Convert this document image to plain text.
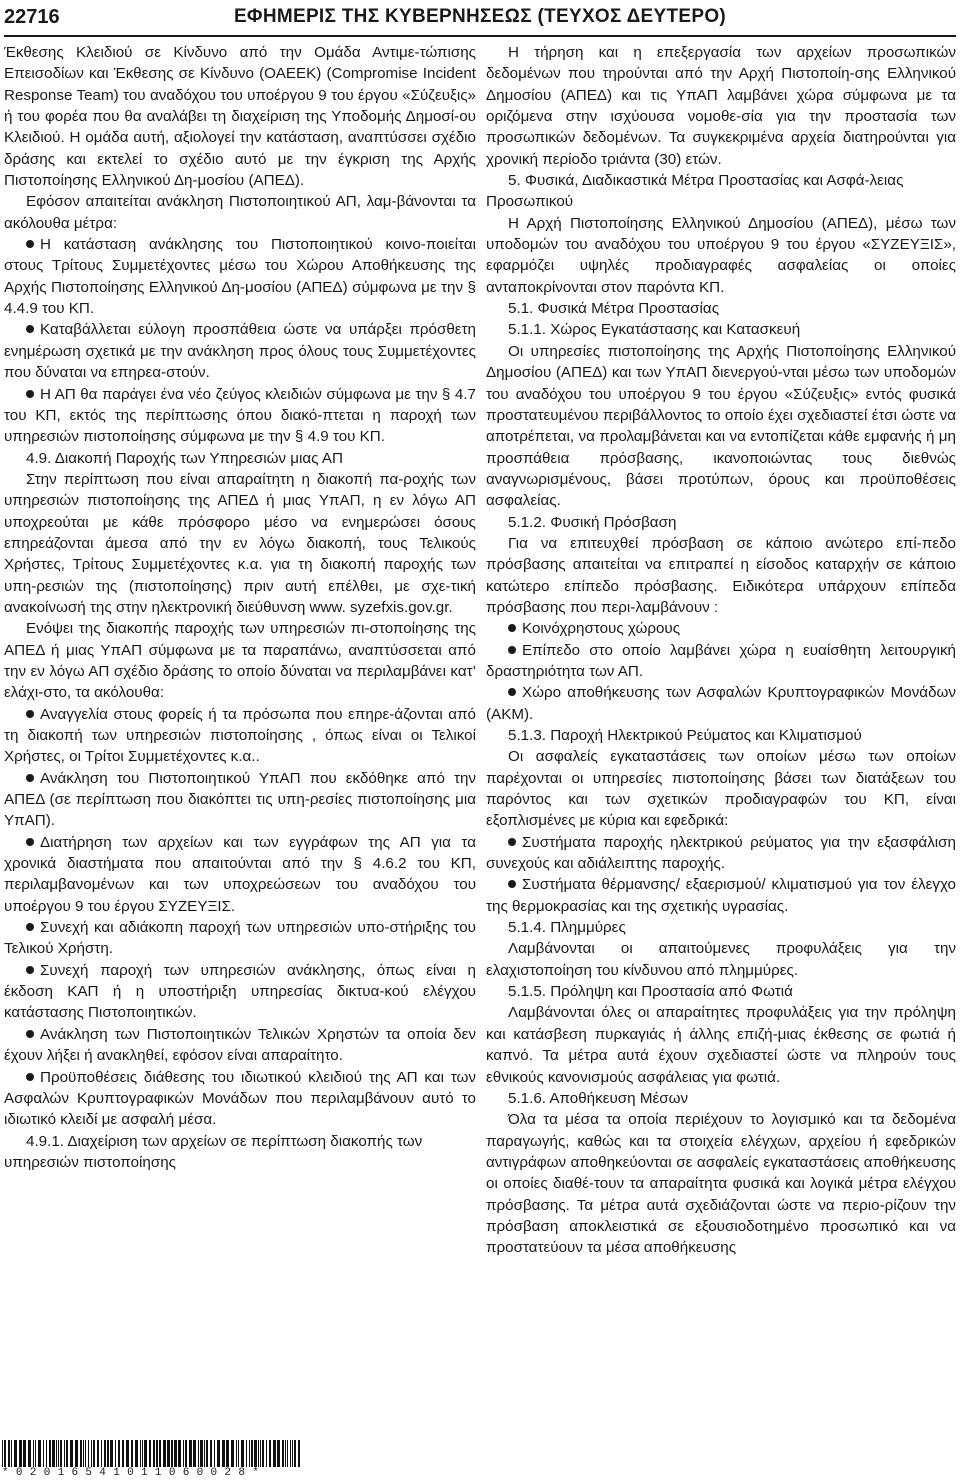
22716	ΕΦΗΜΕΡΙΣ ΤΗΣ ΚΥΒΕΡΝΗΣΕΩΣ (ΤΕΥΧΟΣ ΔΕΥΤΕΡΟ)

Έκθεσης Κλειδιού σε Κίνδυνο από την Ομάδα Αντιμε-τώπισης Επεισοδίων και Έκθεσης σε Κίνδυνο (ΟΑΕΕΚ) (Compromise Incident Response Team) του αναδόχου του υποέργου 9 του έργου «Σύζευξις» ή του φορέα που θα αναλάβει τη διαχείριση της Υποδομής Δημοσί-ου Κλειδιού. Η ομάδα αυτή, αξιολογεί την κατάσταση, αναπτύσσει σχέδιο δράσης και εκτελεί το σχέδιο αυτό με την έγκριση της Αρχής Πιστοποίησης Ελληνικού Δη-μοσίου (ΑΠΕΔ).

Εφόσον απαιτείται ανάκληση Πιστοποιητικού ΑΠ, λαμ-βάνονται τα ακόλουθα μέτρα:

Η κατάσταση ανάκλησης του Πιστοποιητικού κοινο-ποιείται στους Τρίτους Συμμετέχοντες μέσω του Χώρου Αποθήκευσης της Αρχής Πιστοποίησης Ελληνικού Δη-μοσίου (ΑΠΕΔ) σύμφωνα με την § 4.4.9 του ΚΠ.

Καταβάλλεται εύλογη προσπάθεια ώστε να υπάρξει πρόσθετη ενημέρωση σχετικά με την ανάκληση προς όλους τους Συμμετέχοντες που δύναται να επηρεα-στούν.

Η ΑΠ θα παράγει ένα νέο ζεύγος κλειδιών σύμφωνα με την § 4.7 του ΚΠ, εκτός της περίπτωσης όπου διακό-πτεται η παροχή των υπηρεσιών πιστοποίησης σύμφωνα με την § 4.9 του ΚΠ.

4.9. Διακοπή Παροχής των Υπηρεσιών μιας ΑΠ

Στην περίπτωση που είναι απαραίτητη η διακοπή πα-ροχής των υπηρεσιών πιστοποίησης της ΑΠΕΔ ή μιας ΥπΑΠ, η εν λόγω ΑΠ υποχρεούται με κάθε πρόσφορο μέσο να ενημερώσει όσους επηρεάζονται άμεσα από την εν λόγω διακοπή, τους Τελικούς Χρήστες, Τρίτους Συμμετέχοντες κ.α. για τη διακοπή παροχής των υπη-ρεσιών της (πιστοποίησης) πριν αυτή επέλθει, με σχε-τική ανακοίνωσή της στην ηλεκτρονική διεύθυνση www. syzefxis.gov.gr.

Ενόψει της διακοπής παροχής των υπηρεσιών πι-στοποίησης της ΑΠΕΔ ή μιας ΥπΑΠ σύμφωνα με τα παραπάνω, αναπτύσσεται από την εν λόγω ΑΠ σχέδιο δράσης το οποίο δύναται να περιλαμβάνει κατ’ ελάχι-στο, τα ακόλουθα:

Αναγγελία στους φορείς ή τα πρόσωπα που επηρε-άζονται από τη διακοπή των υπηρεσιών πιστοποίησης , όπως είναι οι Τελικοί Χρήστες, οι Τρίτοι Συμμετέχοντες κ.α..

Ανάκληση του Πιστοποιητικού ΥπΑΠ που εκδόθηκε από την ΑΠΕΔ (σε περίπτωση που διακόπτει τις υπη-ρεσίες πιστοποίησης μια ΥπΑΠ).

Διατήρηση των αρχείων και των εγγράφων της ΑΠ για τα χρονικά διαστήματα που απαιτούνται από την § 4.6.2 του ΚΠ, περιλαμβανομένων και των υποχρεώσεων του αναδόχου του υποέργου 9 του έργου ΣΥΖΕΥΞΙΣ.

Συνεχή και αδιάκοπη παροχή των υπηρεσιών υπο-στήριξης του Τελικού Χρήστη.

Συνεχή παροχή των υπηρεσιών ανάκλησης, όπως είναι η έκδοση ΚΑΠ ή η υποστήριξη υπηρεσίας δικτυα-κού ελέγχου κατάστασης Πιστοποιητικών.

Ανάκληση των Πιστοποιητικών Τελικών Χρηστών τα οποία δεν έχουν λήξει ή ανακληθεί, εφόσον είναι απαραίτητο.

Προϋποθέσεις διάθεσης του ιδιωτικού κλειδιού της ΑΠ και των Ασφαλών Κρυπτογραφικών Μονάδων που περιλαμβάνουν αυτό το ιδιωτικό κλειδί με ασφαλή μέσα.

4.9.1. Διαχείριση των αρχείων σε περίπτωση διακοπής των υπηρεσιών πιστοποίησης

Η τήρηση και η επεξεργασία των αρχείων προσωπικών δεδομένων που τηρούνται από την Αρχή Πιστοποίη-σης Ελληνικού Δημοσίου (ΑΠΕΔ) και τις ΥπΑΠ λαμβάνει χώρα σύμφωνα με τα οριζόμενα στην ισχύουσα νομοθε-σία για την προστασία των προσωπικών δεδομένων. Τα συγκεκριμένα αρχεία διατηρούνται για χρονική περίοδο τριάντα (30) ετών.

5. Φυσικά, Διαδικαστικά Μέτρα Προστασίας και Ασφά-λειας Προσωπικού

Η Αρχή Πιστοποίησης Ελληνικού Δημοσίου (ΑΠΕΔ), μέσω των υποδομών του αναδόχου του υποέργου 9 του έργου «ΣΥΖΕΥΞΙΣ», εφαρμόζει υψηλές προδιαγραφές ασφαλείας οι οποίες ανταποκρίνονται στον παρόντα ΚΠ.

5.1. Φυσικά Μέτρα Προστασίας

5.1.1. Χώρος Εγκατάστασης και Κατασκευή

Οι υπηρεσίες πιστοποίησης της Αρχής Πιστοποίησης Ελληνικού Δημοσίου (ΑΠΕΔ) και των ΥπΑΠ διενεργού-νται μέσω των υποδομών του αναδόχου του υποέργου 9 του έργου «Σύζευξις» εντός φυσικά προστατευμένου περιβάλλοντος το οποίο έχει σχεδιαστεί έτσι ώστε να αποτρέπεται, να προλαμβάνεται και να εντοπίζεται κάθε εμφανής ή μη προσπάθεια πρόσβασης, ικανοποιώντας τους διεθνώς αναγνωρισμένους, βάσει προτύπων, όρους και προϋποθέσεις ασφαλείας.

5.1.2. Φυσική Πρόσβαση

Για να επιτευχθεί πρόσβαση σε κάποιο ανώτερο επί-πεδο πρόσβασης απαιτείται να επιτραπεί η είσοδος καταρχήν σε κάποιο κατώτερο επίπεδο πρόσβασης. Ειδικότερα υπάρχουν επίπεδα πρόσβασης που περι-λαμβάνουν :

Κοινόχρηστους χώρους

Επίπεδο στο οποίο λαμβάνει χώρα η ευαίσθητη λειτουργική δραστηριότητα των ΑΠ.

Χώρο αποθήκευσης των Ασφαλών Κρυπτογραφικών Μονάδων (ΑΚΜ).

5.1.3. Παροχή Ηλεκτρικού Ρεύματος και Κλιματισμού

Οι ασφαλείς εγκαταστάσεις των οποίων μέσω των οποίων παρέχονται οι υπηρεσίες πιστοποίησης βάσει των διατάξεων του παρόντος και των σχετικών προδιαγραφών του ΚΠ, είναι εξοπλισμένες με κύρια και εφεδρικά:

Συστήματα παροχής ηλεκτρικού ρεύματος για την εξασφάλιση συνεχούς και αδιάλειπτης παροχής.

Συστήματα θέρμανσης/ εξαερισμού/ κλιματισμού για τον έλεγχο της θερμοκρασίας και της σχετικής υγρασίας.

5.1.4. Πλημμύρες

Λαμβάνονται οι απαιτούμενες προφυλάξεις για την ελαχιστοποίηση του κίνδυνου από πλημμύρες.

5.1.5. Πρόληψη και Προστασία από Φωτιά

Λαμβάνονται όλες οι απαραίτητες προφυλάξεις για την πρόληψη και κατάσβεση πυρκαγιάς ή άλλης επιζή-μιας έκθεσης σε φωτιά ή καπνό. Τα μέτρα αυτά έχουν σχεδιαστεί ώστε να πληρούν τους εθνικούς κανονισμούς ασφάλειας για φωτιά.

5.1.6. Αποθήκευση Μέσων

Όλα τα μέσα τα οποία περιέχουν το λογισμικό και τα δεδομένα παραγωγής, καθώς και τα στοιχεία ελέγχων, αρχείου ή εφεδρικών αντιγράφων αποθηκεύονται σε ασφαλείς εγκαταστάσεις αποθήκευσης οι οποίες διαθέ-τουν τα απαραίτητα φυσικά και λογικά μέτρα ελέγχου πρόσβασης. Τα μέτρα αυτά σχεδιάζονται ώστε να περιο-ρίζουν την πρόσβαση αποκλειστικά σε εξουσιοδοτημένο προσωπικό και να προστατεύουν τα μέσα αποθήκευσης

*02016541011060028*
